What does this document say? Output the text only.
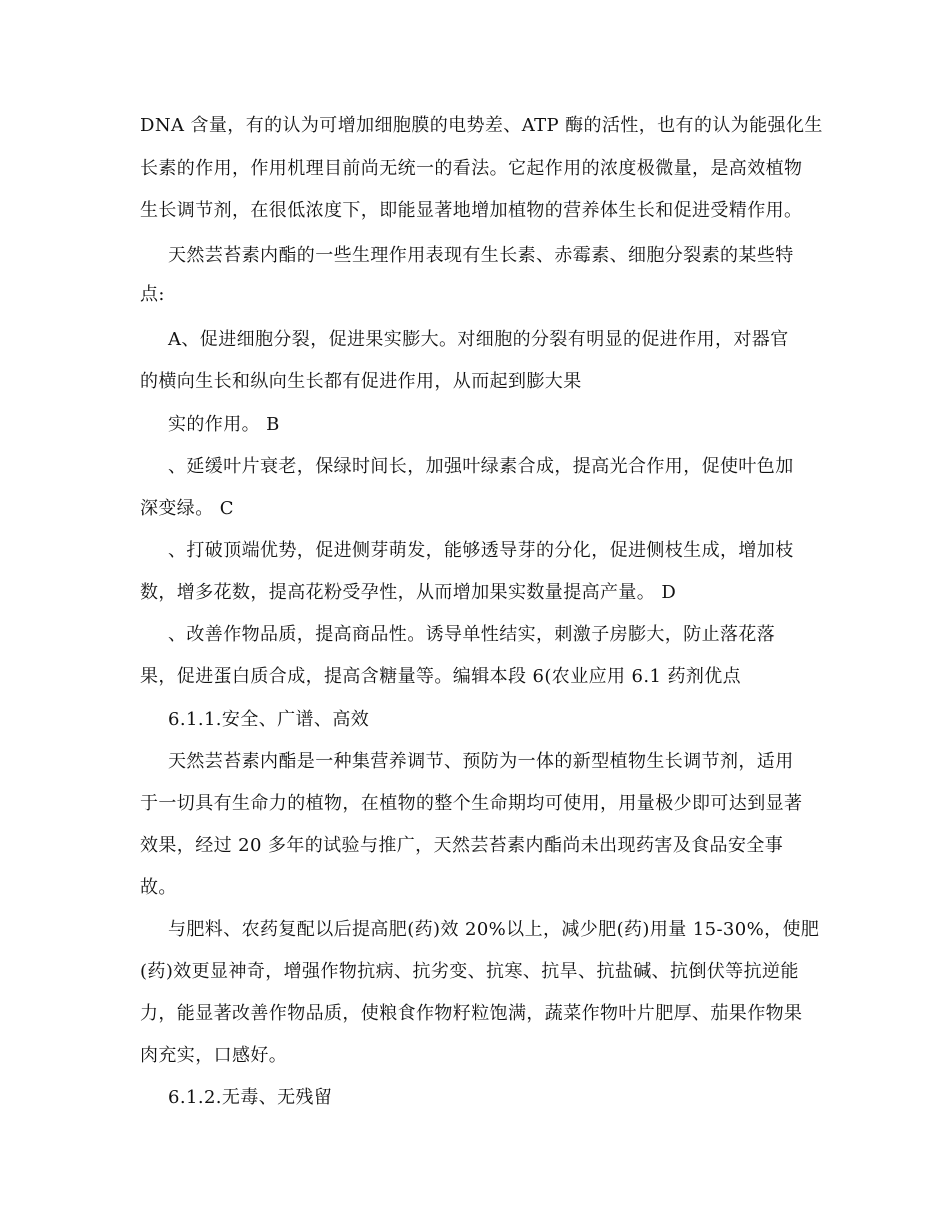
DNA 含量，有的认为可增加细胞膜的电势差、ATP 酶的活性，也有的认为能强化生
长素的作用，作用机理目前尚无统一的看法。它起作用的浓度极微量，是高效植物
生长调节剂，在很低浓度下，即能显著地增加植物的营养体生长和促进受精作用。
天然芸苔素内酯的一些生理作用表现有生长素、赤霉素、细胞分裂素的某些特
点:
A、促进细胞分裂，促进果实膨大。对细胞的分裂有明显的促进作用，对器官
的横向生长和纵向生长都有促进作用，从而起到膨大果
实的作用。 B
、延缓叶片衰老，保绿时间长，加强叶绿素合成，提高光合作用，促使叶色加
深变绿。 C
、打破顶端优势，促进侧芽萌发，能够透导芽的分化，促进侧枝生成，增加枝
数，增多花数，提高花粉受孕性，从而增加果实数量提高产量。 D
、改善作物品质，提高商品性。诱导单性结实，刺激子房膨大，防止落花落
果，促进蛋白质合成，提高含糖量等。编辑本段 6(农业应用 6.1 药剂优点
6.1.1.安全、广谱、高效
天然芸苔素内酯是一种集营养调节、预防为一体的新型植物生长调节剂，适用
于一切具有生命力的植物，在植物的整个生命期均可使用，用量极少即可达到显著
效果，经过 20 多年的试验与推广，天然芸苔素内酯尚未出现药害及食品安全事
故。
与肥料、农药复配以后提高肥(药)效 20%以上，减少肥(药)用量 15-30%，使肥
(药)效更显神奇，增强作物抗病、抗劣变、抗寒、抗旱、抗盐碱、抗倒伏等抗逆能
力，能显著改善作物品质，使粮食作物籽粒饱满，蔬菜作物叶片肥厚、茄果作物果
肉充实，口感好。
6.1.2.无毒、无残留
